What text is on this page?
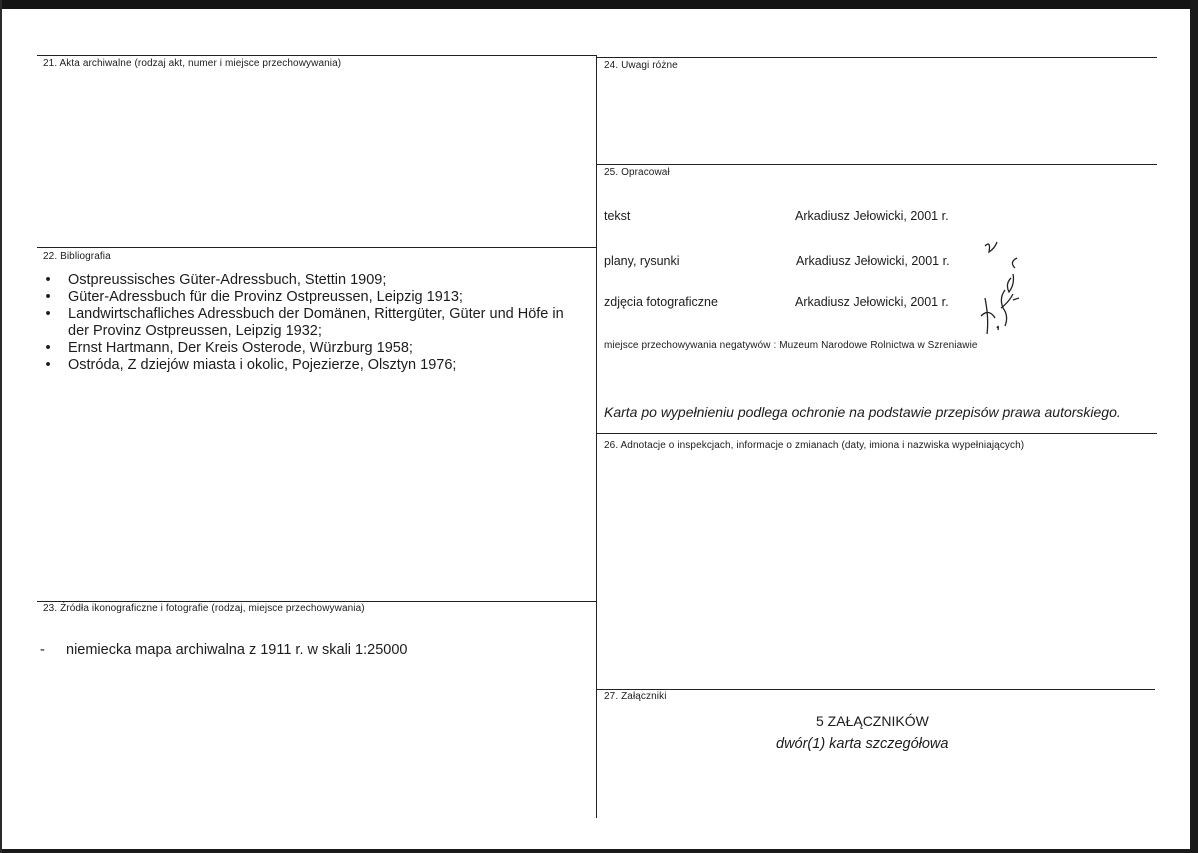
21. Akta archiwalne (rodzaj akt, numer i miejsce przechowywania)
22. Bibliografia
• Ostpreussisches Güter-Adressbuch, Stettin 1909;
• Güter-Adressbuch für die Provinz Ostpreussen, Leipzig 1913;
• Landwirtschafliches Adressbuch der Domänen, Rittergüter, Güter und Höfe in der Provinz Ostpreussen, Leipzig 1932;
• Ernst Hartmann, Der Kreis Osterode, Würzburg 1958;
• Ostróda, Z dziejów miasta i okolic, Pojezierze, Olsztyn 1976;
23. Źródła ikonograficzne i fotografie (rodzaj, miejsce przechowywania)
- niemiecka mapa archiwalna z 1911 r. w skali 1:25000
24. Uwagi różne
25. Opracował
tekst	Arkadiusz Jełowicki, 2001 r.
plany, rysunki	Arkadiusz Jełowicki, 2001 r.
zdjęcia fotograficzne	Arkadiusz Jełowicki, 2001 r.
miejsce przechowywania negatywów : Muzeum Narodowe Rolnictwa w Szreniawie
Karta po wypełnieniu podlega ochronie na podstawie przepisów prawa autorskiego.
26. Adnotacje o inspekcjach, informacje o zmianach (daty, imiona i nazwiska wypełniających)
27. Załączniki
5 ZAŁĄCZNIKÓW
dwór(1) karta szczegółowa
